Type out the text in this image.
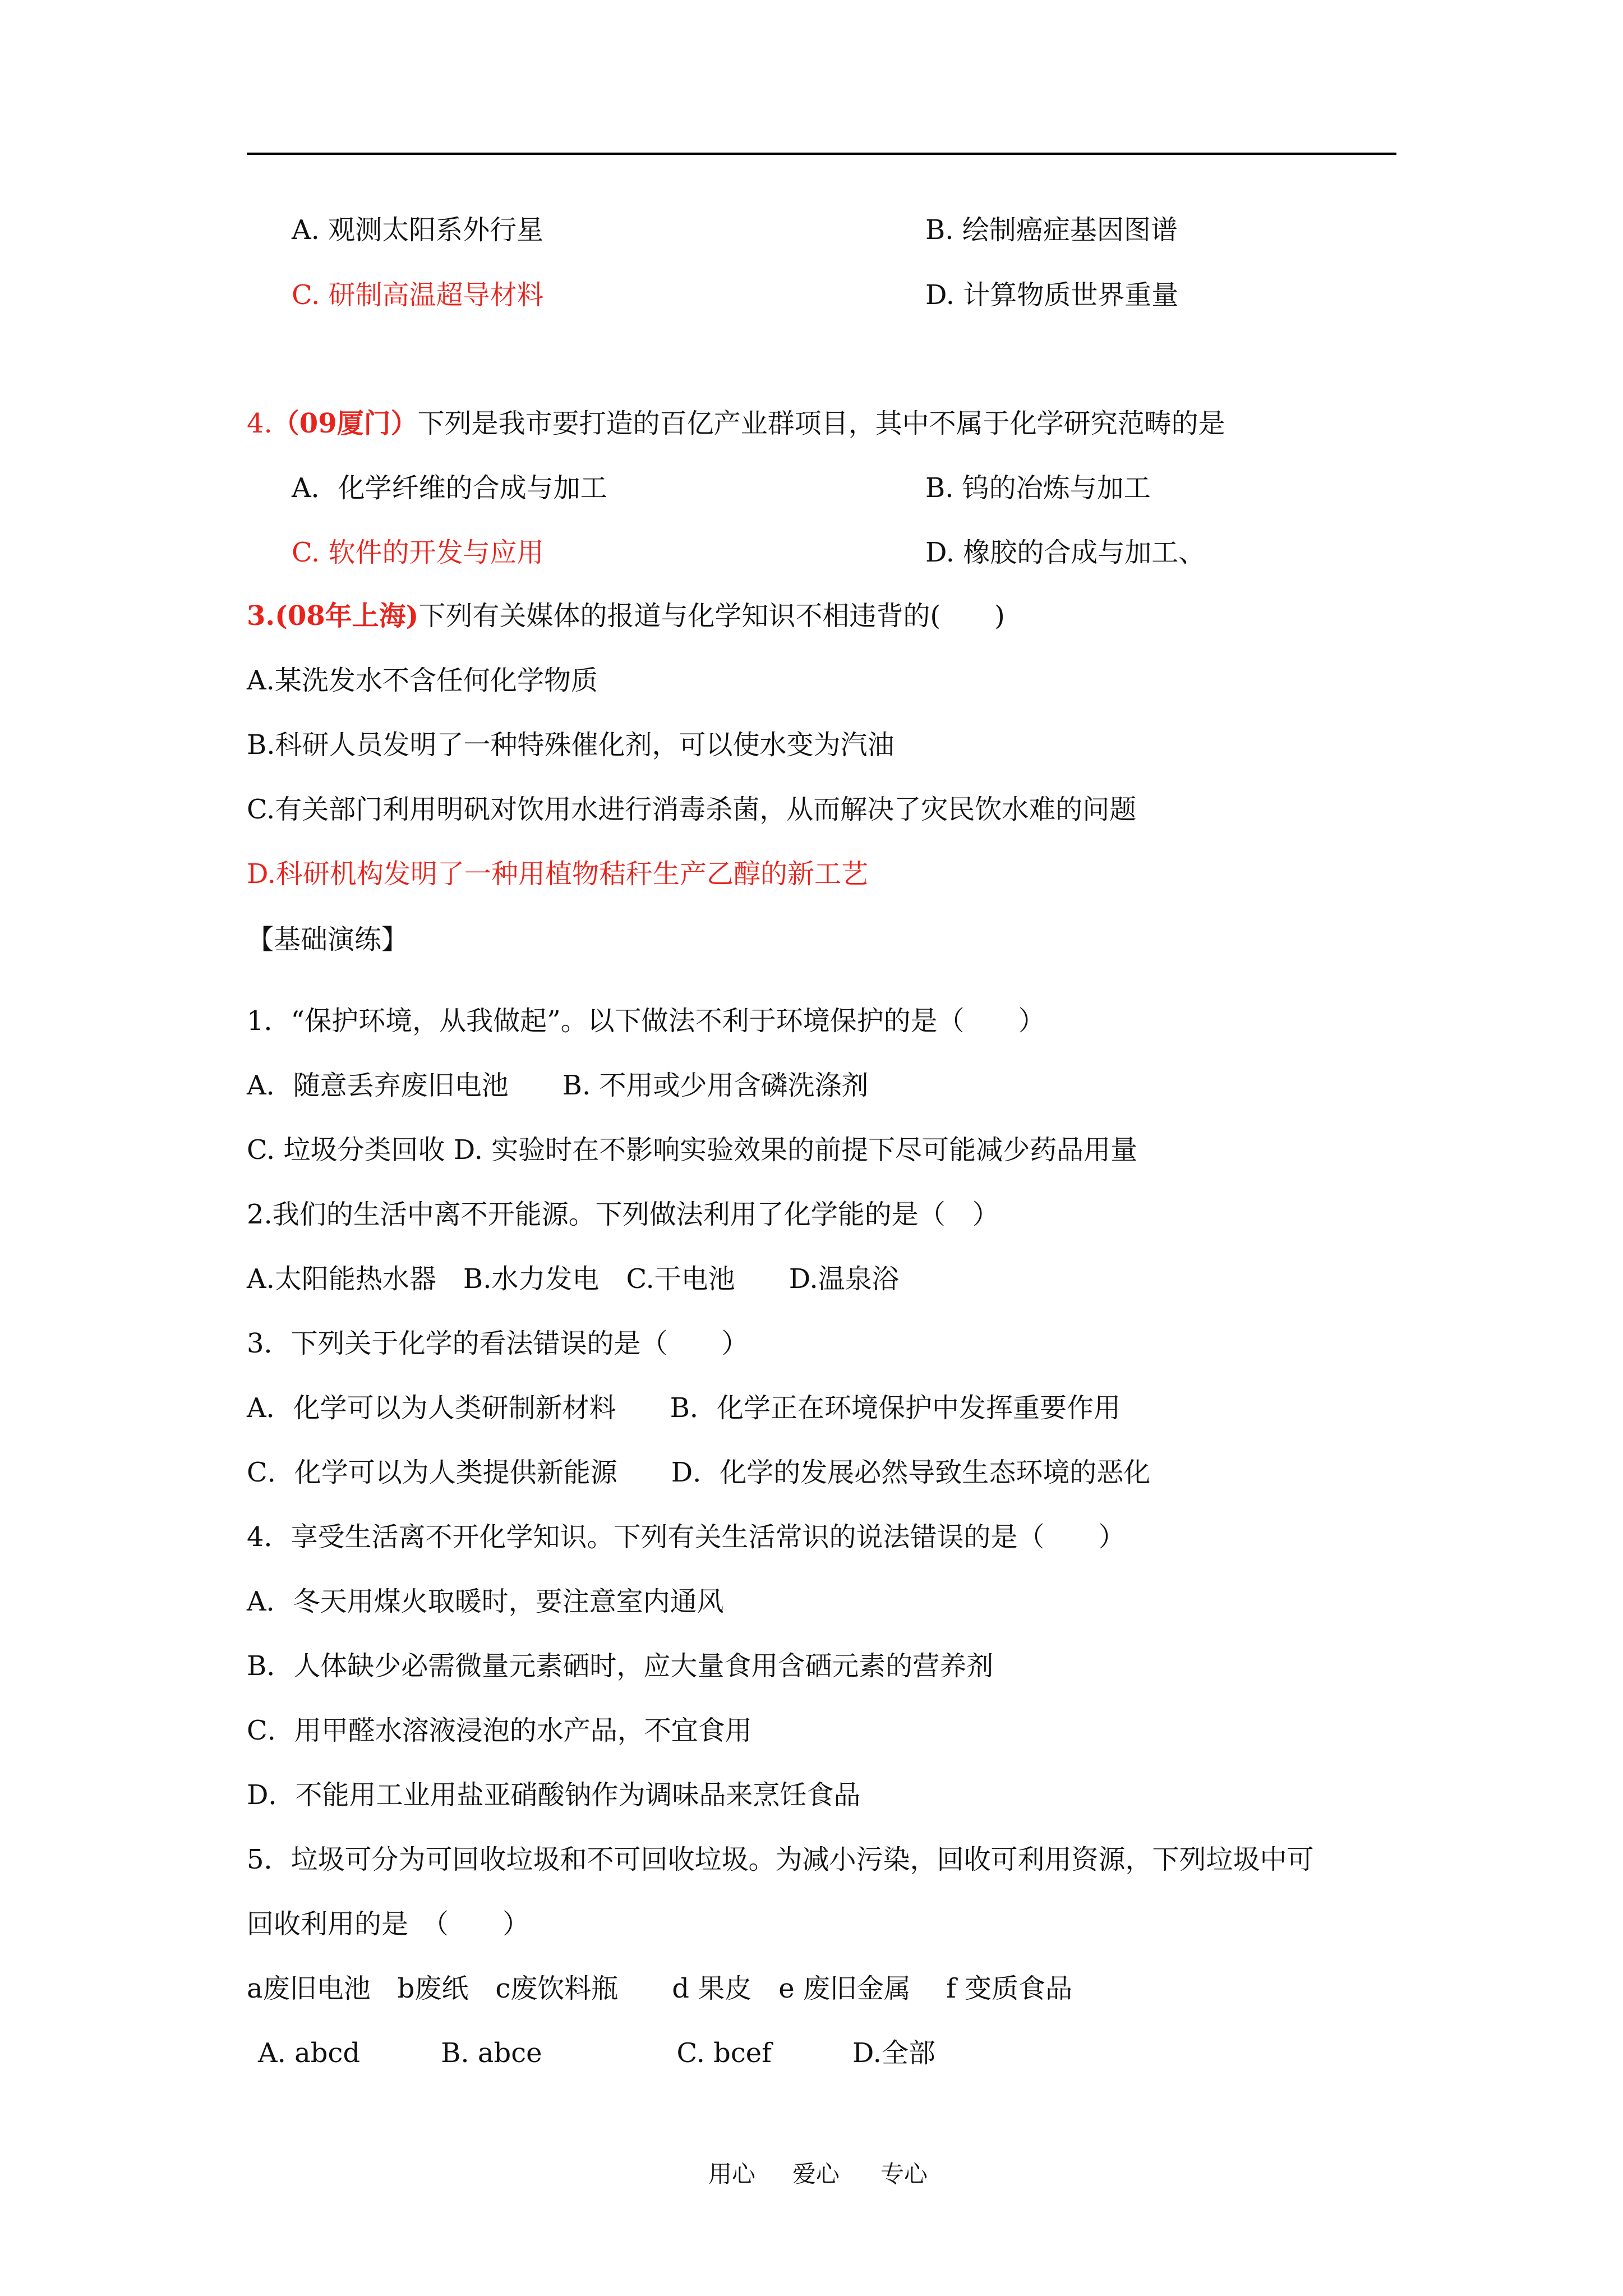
A. 观测太阳系外行星	B. 绘制癌症基因图谱
C. 研制高温超导材料	D. 计算物质世界重量
4.（09厦门）下列是我市要打造的百亿产业群项目，其中不属于化学研究范畴的是
A．化学纤维的合成与加工	B. 钨的冶炼与加工
C. 软件的开发与应用	D. 橡胶的合成与加工、
3.(08年上海)下列有关媒体的报道与化学知识不相违背的(　　)
A.某洗发水不含任何化学物质
B.科研人员发明了一种特殊催化剂，可以使水变为汽油
C.有关部门利用明矾对饮用水进行消毒杀菌，从而解决了灾民饮水难的问题
D.科研机构发明了一种用植物秸秆生产乙醇的新工艺
【基础演练】
1．“保护环境，从我做起”。以下做法不利于环境保护的是（　　）
A．随意丢弃废旧电池　　B. 不用或少用含磷洗涤剂
C. 垃圾分类回收 D. 实验时在不影响实验效果的前提下尽可能减少药品用量
2.我们的生活中离不开能源。下列做法利用了化学能的是（　）
A.太阳能热水器　B.水力发电　C.干电池　　D.温泉浴
3．下列关于化学的看法错误的是（　　）
A．化学可以为人类研制新材料　　B．化学正在环境保护中发挥重要作用
C．化学可以为人类提供新能源　　D．化学的发展必然导致生态环境的恶化
4．享受生活离不开化学知识。下列有关生活常识的说法错误的是（　　）
A．冬天用煤火取暖时，要注意室内通风
B．人体缺少必需微量元素硒时，应大量食用含硒元素的营养剂
C．用甲醛水溶液浸泡的水产品，不宜食用
D．不能用工业用盐亚硝酸钠作为调味品来烹饪食品
5．垃圾可分为可回收垃圾和不可回收垃圾。为减小污染，回收可利用资源，下列垃圾中可
回收利用的是　（　　）
a废旧电池　b废纸　c废饮料瓶　　d 果皮　e 废旧金属　 f 变质食品
A. abcd　　　B. abce　　　　　C. bcef　　　D.全部
用心 爱心 专心
